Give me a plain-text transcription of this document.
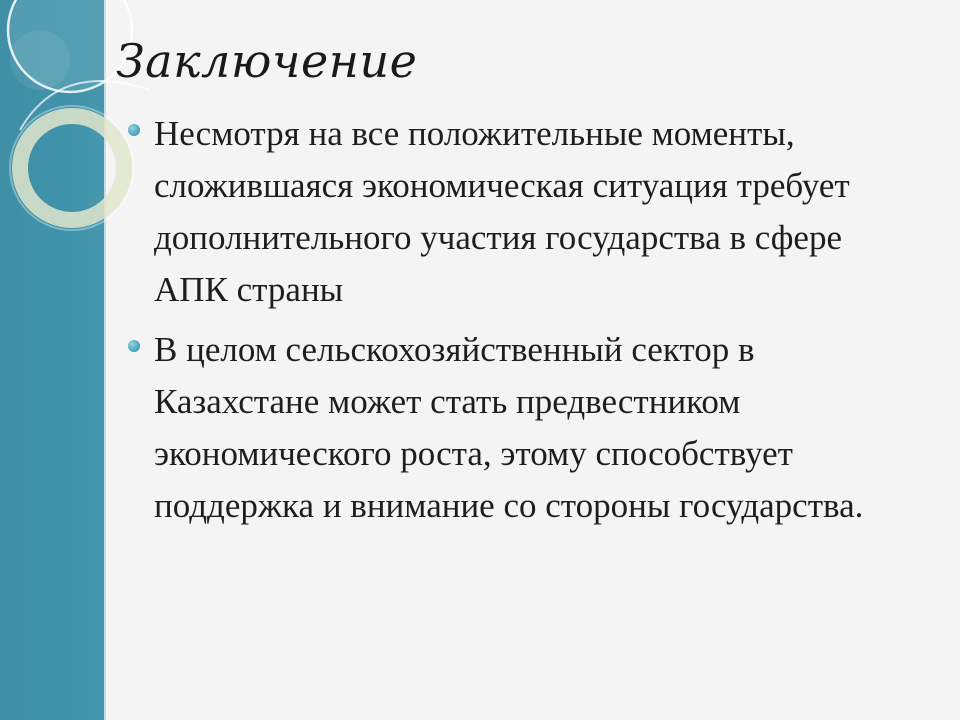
Заключение
Несмотря на все положительные моменты, сложившаяся экономическая ситуация требует дополнительного участия государства в сфере АПК страны
В целом сельскохозяйственный сектор в Казахстане может стать предвестником экономического роста, этому способствует поддержка и внимание со стороны государства.
